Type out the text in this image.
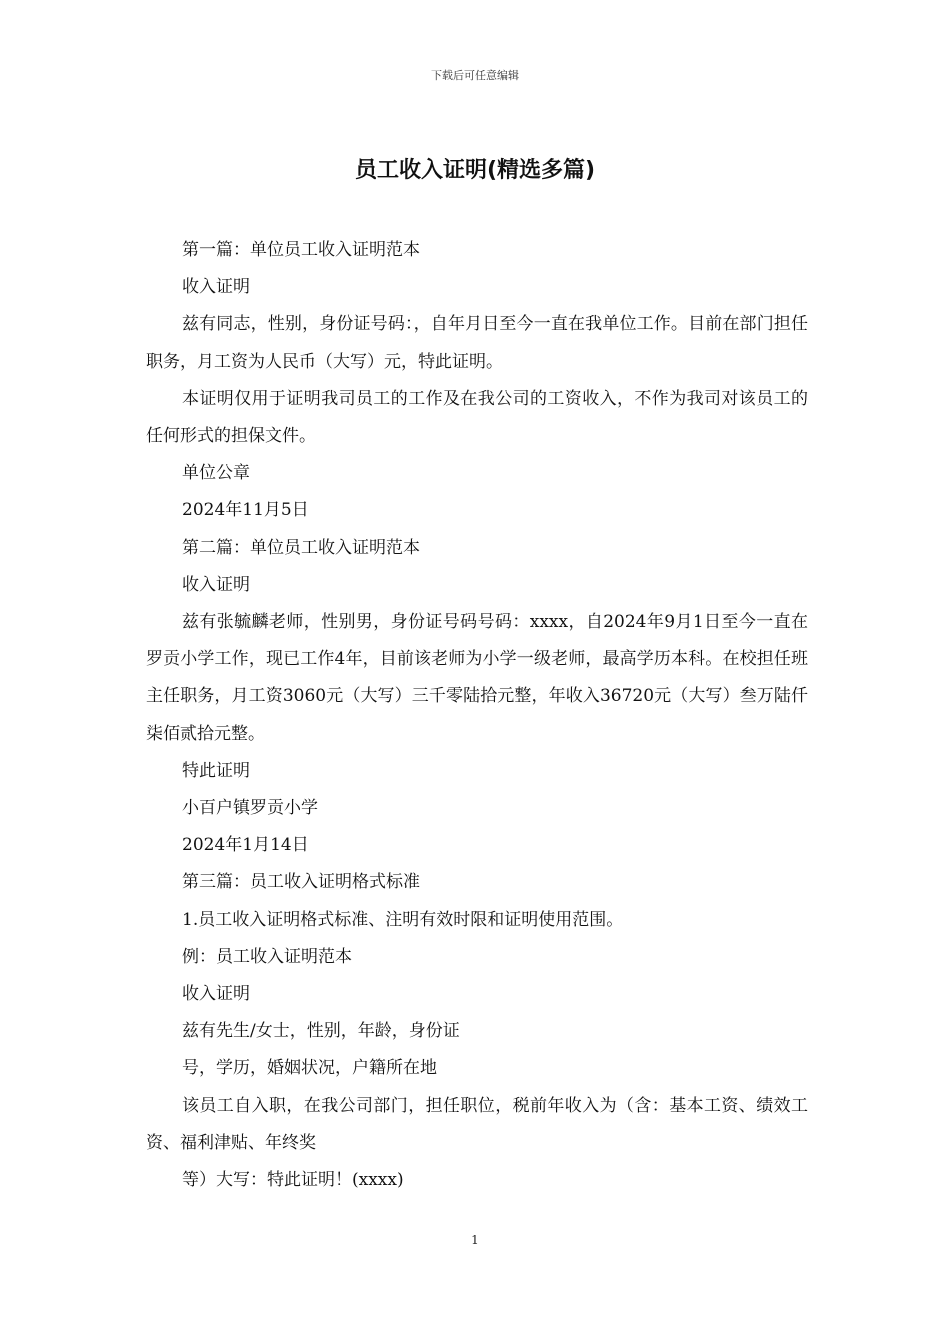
下载后可任意编辑
员工收入证明(精选多篇)

第一篇：单位员工收入证明范本

收入证明

兹有同志，性别，身份证号码：，自年月日至今一直在我单位工作。目前在部门担任职务，月工资为人民币（大写）元，特此证明。

本证明仅用于证明我司员工的工作及在我公司的工资收入，不作为我司对该员工的任何形式的担保文件。

单位公章

2024年11月5日

第二篇：单位员工收入证明范本

收入证明

兹有张毓麟老师，性别男，身份证号码号码：xxxx，自2024年9月1日至今一直在罗贡小学工作，现已工作4年，目前该老师为小学一级老师，最高学历本科。在校担任班主任职务，月工资3060元（大写）三千零陆拾元整，年收入36720元（大写）叁万陆仟柒佰贰拾元整。

特此证明

小百户镇罗贡小学

2024年1月14日

第三篇：员工收入证明格式标准

1.员工收入证明格式标准、注明有效时限和证明使用范围。

例：员工收入证明范本

收入证明

兹有先生/女士，性别，年龄，身份证

号，学历，婚姻状况，户籍所在地

该员工自入职，在我公司部门，担任职位，税前年收入为（含：基本工资、绩效工资、福利津贴、年终奖

等）大写：特此证明！(xxxx)

1
